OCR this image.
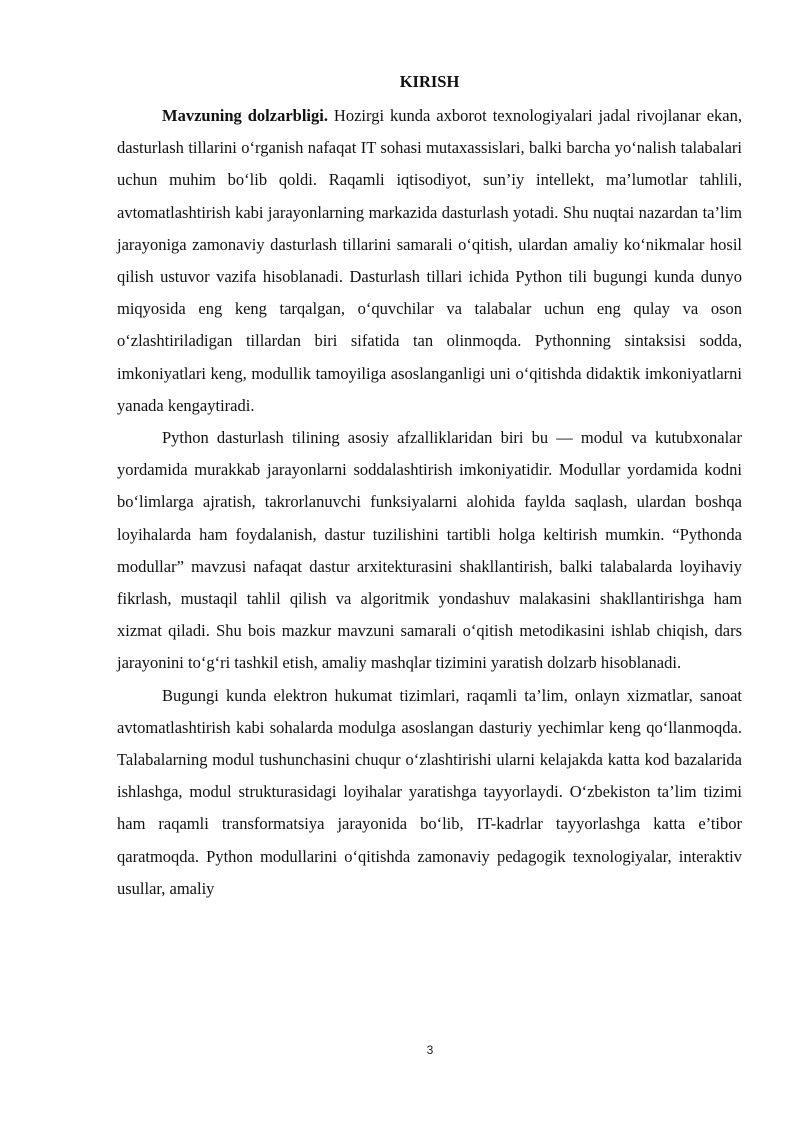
KIRISH

Mavzuning dolzarbligi. Hozirgi kunda axborot texnologiyalari jadal rivojlanar ekan, dasturlash tillarini o‘rganish nafaqat IT sohasi mutaxassislari, balki barcha yo‘nalish talabalari uchun muhim bo‘lib qoldi. Raqamli iqtisodiyot, sun’iy intellekt, ma’lumotlar tahlili, avtomatlashtirish kabi jarayonlarning markazida dasturlash yotadi. Shu nuqtai nazardan ta’lim jarayoniga zamonaviy dasturlash tillarini samarali o‘qitish, ulardan amaliy ko‘nikmalar hosil qilish ustuvor vazifa hisoblanadi. Dasturlash tillari ichida Python tili bugungi kunda dunyo miqyosida eng keng tarqalgan, o‘quvchilar va talabalar uchun eng qulay va oson o‘zlashtiriladigan tillardan biri sifatida tan olinmoqda. Pythonning sintaksisi sodda, imkoniyatlari keng, modullik tamoyiliga asoslanganligi uni o‘qitishda didaktik imkoniyatlarni yanada kengaytiradi.

Python dasturlash tilining asosiy afzalliklaridan biri bu — modul va kutubxonalar yordamida murakkab jarayonlarni soddalashtirish imkoniyatidir. Modullar yordamida kodni bo‘limlarga ajratish, takrorlanuvchi funksiyalarni alohida faylda saqlash, ulardan boshqa loyihalarda ham foydalanish, dastur tuzilishini tartibli holga keltirish mumkin. “Pythonda modullar” mavzusi nafaqat dastur arxitekturasini shakllantirish, balki talabalarda loyihaviy fikrlash, mustaqil tahlil qilish va algoritmik yondashuv malakasini shakllantirishga ham xizmat qiladi. Shu bois mazkur mavzuni samarali o‘qitish metodikasini ishlab chiqish, dars jarayonini to‘g‘ri tashkil etish, amaliy mashqlar tizimini yaratish dolzarb hisoblanadi.

Bugungi kunda elektron hukumat tizimlari, raqamli ta’lim, onlayn xizmatlar, sanoat avtomatlashtirish kabi sohalarda modulga asoslangan dasturiy yechimlar keng qo‘llanmoqda. Talabalarning modul tushunchasini chuqur o‘zlashtirishi ularni kelajakda katta kod bazalarida ishlashga, modul strukturasidagi loyihalar yaratishga tayyorlaydi. O‘zbekiston ta’lim tizimi ham raqamli transformatsiya jarayonida bo‘lib, IT-kadrlar tayyorlashga katta e’tibor qaratmoqda. Python modullarini o‘qitishda zamonaviy pedagogik texnologiyalar, interaktiv usullar, amaliy

3
